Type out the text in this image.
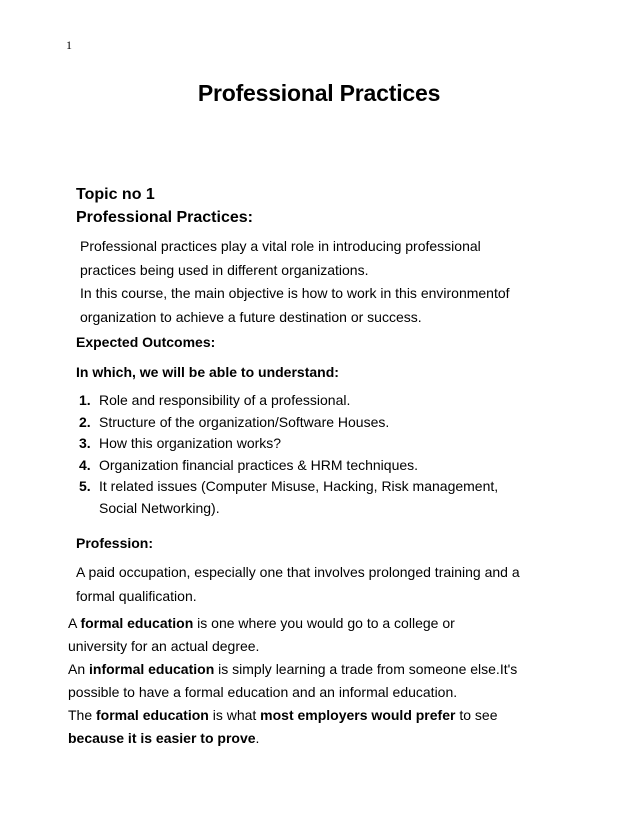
1
Professional Practices
Topic no 1
Professional Practices:
Professional practices play a vital role in introducing professional
practices being used in different organizations.
In this course, the main objective is how to work in this environmentof
organization to achieve a future destination or success.
Expected Outcomes:
In which, we will be able to understand:
1. Role and responsibility of a professional.
2. Structure of the organization/Software Houses.
3. How this organization works?
4. Organization financial practices & HRM techniques.
5. It related issues (Computer Misuse, Hacking, Risk management,
Social Networking).
Profession:
A paid occupation, especially one that involves prolonged training and a
formal qualification.
A formal education is one where you would go to a college or
university for an actual degree.
An informal education is simply learning a trade from someone else.It's
possible to have a formal education and an informal education.
The formal education is what most employers would prefer to see
because it is easier to prove.
